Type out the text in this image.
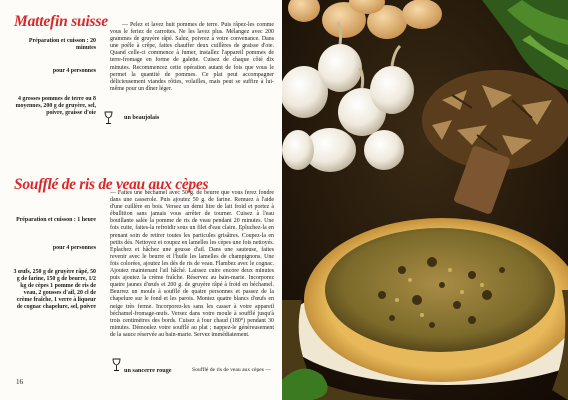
Mattefin suisse
Préparation et cuisson : 20 minutes
pour 4 personnes
4 grosses pommes de terre ou 8 moyennes, 200 g de gruyère, sel, poivre, graisse d'oie

— Pelez et lavez huit pommes de terre. Puis râpez-les comme vous le feriez de carrottes. Ne les lavez plus. Mélangez avec 200 grammes de gruyère râpé. Salez, poivrez à votre convenance. Dans une poêle à crêpe, faites chauffer deux cuillères de graisse d'oie. Quand celle-ci commence à fumer, installez l'appareil pommes de terre-fromage en forme de galette. Cuisez de chaque côté dix minutes. Recommencez cette opération autant de fois que vous le permet la quantité de pommes. Ce plat peut accompagner délicieusement viandes rôties, volailles, mais peut se suffire à lui-même pour un dîner léger.

un beaujolais
Soufflé de ris de veau aux cèpes
Préparation et cuisson : 1 heure
pour 4 personnes
3 œufs, 250 g de gruyère râpé, 50 g de farine, 150 g de beurre, 1/2 kg de cèpes 1 pomme de ris de veau, 2 gousses d'ail, 20 cl de crème fraîche, 1 verre à liqueur de cognac chapelure, sel, poivre

— Faites une béchamel avec 50 g. de beurre que vous ferez fondre dans une casserole. Puis ajoutez 50 g. de farine. Remuez à l'aide d'une cuillère en bois. Versez un demi litre de lait froid et portez à ébullition sans jamais vous arrêter de tourner. Cuisez à l'eau bouillante salée la pomme de ris de veau pendant 20 minutes. Une fois cuite, faites-la refroidir sous un filet d'eau claire. Epluchez-la en prenant soin de retirer toutes les particules grisâtres. Coupez-la en petits dés. Nettoyez et coupez en lamelles les cèpes une fois nettoyés. Eplachez et hâchez une gousse d'ail. Dans une sauteuse, faites revenir avec le beurre et l'huile les lamelles de champignons. Une fois colorées, ajoutez les dés de ris de veau. Flambez avec le cognac. Ajoutez maintenant l'ail hâché. Laissez cuire encore deux minutes puis ajoutez la crème fraîche. Réservez au bain-marie. Incorporez quatre jaunes d'œufs et 200 g. de gruyère râpé à froid en béchamel. Beurrez un moule à soufflé de quatre personnes et passez de la chapelure sur le fond et les parois. Montez quatre blancs d'œufs en neige très ferme. Incorporez-les sans les casser à votre appareil béchamel-fromage-œufs. Versez dans votre moule à soufflé jusqu'à trois centimètres des bords. Cuisez à four chaud (180°) pendant 30 minutes. Démoulez votre soufflé au plat ; nappez-le généreusement de la sauce réservée au bain-marie. Servez immédiatement.

un sancerre rouge	Soufflé de ris de veau aux cèpes —
16
